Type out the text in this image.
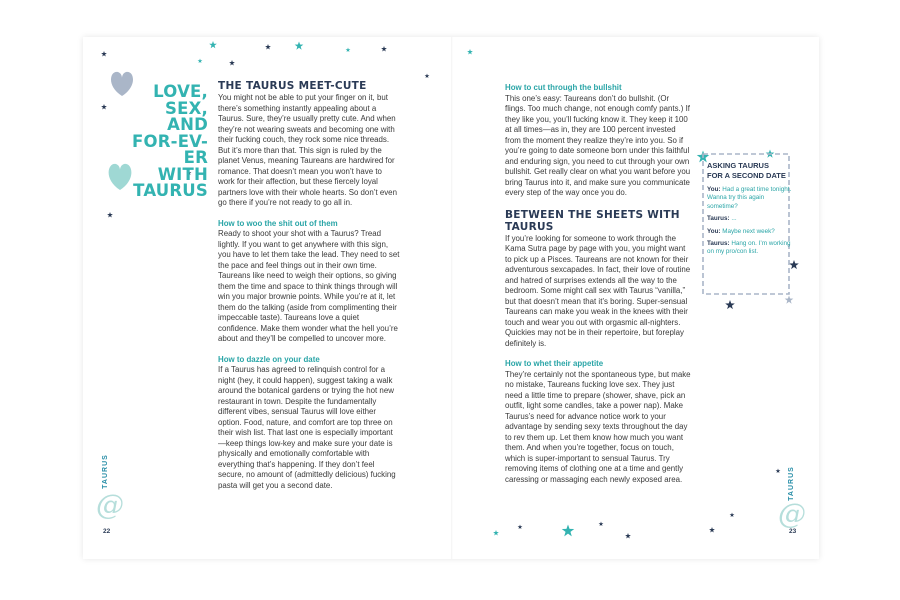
LOVE,
SEX, AND
FOR-EV-ER
WITH
TAURUS
THE TAURUS MEET-CUTE

You might not be able to put your finger on it, but there’s something instantly appealing about a Taurus. Sure, they’re usually pretty cute. And when they’re not wearing sweats and becoming one with their fucking couch, they rock some nice threads. But it’s more than that. This sign is ruled by the planet Venus, meaning Taureans are hardwired for romance. That doesn’t mean you won’t have to work for their affection, but these fiercely loyal partners love with their whole hearts. So don’t even go there if you’re not ready to go all in.

How to woo the shit out of them

Ready to shoot your shot with a Taurus? Tread lightly. If you want to get anywhere with this sign, you have to let them take the lead. They need to set the pace and feel things out in their own time. Taureans like need to weigh their options, so giving them the time and space to think things through will win you major brownie points. While you’re at it, let them do the talking (aside from complimenting their impeccable taste). Taureans love a quiet confidence. Make them wonder what the hell you’re about and they’ll be compelled to uncover more.

How to dazzle on your date

If a Taurus has agreed to relinquish control for a night (hey, it could happen), suggest taking a walk around the botanical gardens or trying the hot new restaurant in town. Despite the fundamentally different vibes, sensual Taurus will love either option. Food, nature, and comfort are top three on their wish list. That last one is especially important—keep things low-key and make sure your date is physically and emotionally comfortable with everything that’s happening. If they don’t feel secure, no amount of (admittedly delicious) fucking pasta will get you a second date.

How to cut through the bullshit

This one’s easy: Taureans don’t do bullshit. (Or flings. Too much change, not enough comfy pants.) If they like you, you’ll fucking know it. They keep it 100 at all times—as in, they are 100 percent invested from the moment they realize they’re into you. So if you’re going to date someone born under this faithful and enduring sign, you need to cut through your own bullshit. Get really clear on what you want before you bring Taurus into it, and make sure you communicate every step of the way once you do.

BETWEEN THE SHEETS WITH TAURUS

If you’re looking for someone to work through the Kama Sutra page by page with you, you might want to pick up a Pisces. Taureans are not known for their adventurous sexcapades. In fact, their love of routine and hatred of surprises extends all the way to the bedroom. Some might call sex with Taurus “vanilla,” but that doesn’t mean that it’s boring. Super-sensual Taureans can make you weak in the knees with their touch and wear you out with orgasmic all-nighters. Quickies may not be in their repertoire, but foreplay definitely is.

How to whet their appetite

They’re certainly not the spontaneous type, but make no mistake, Taureans fucking love sex. They just need a little time to prepare (shower, shave, pick an outfit, light some candles, take a power nap). Make Taurus’s need for advance notice work to your advantage by sending sexy texts throughout the day to rev them up. Let them know how much you want them. And when you’re together, focus on touch, which is super-important to sensual Taurus. Try removing items of clothing one at a time and gently caressing or massaging each newly exposed area.

ASKING TAURUS
FOR A SECOND DATE

You: Had a great time tonight. Wanna try this again sometime?

Taurus: ...

You: Maybe next week?

Taurus: Hang on. I’m working on my pro/con list.

TAURUS
@
22
TAURUS
@
23
